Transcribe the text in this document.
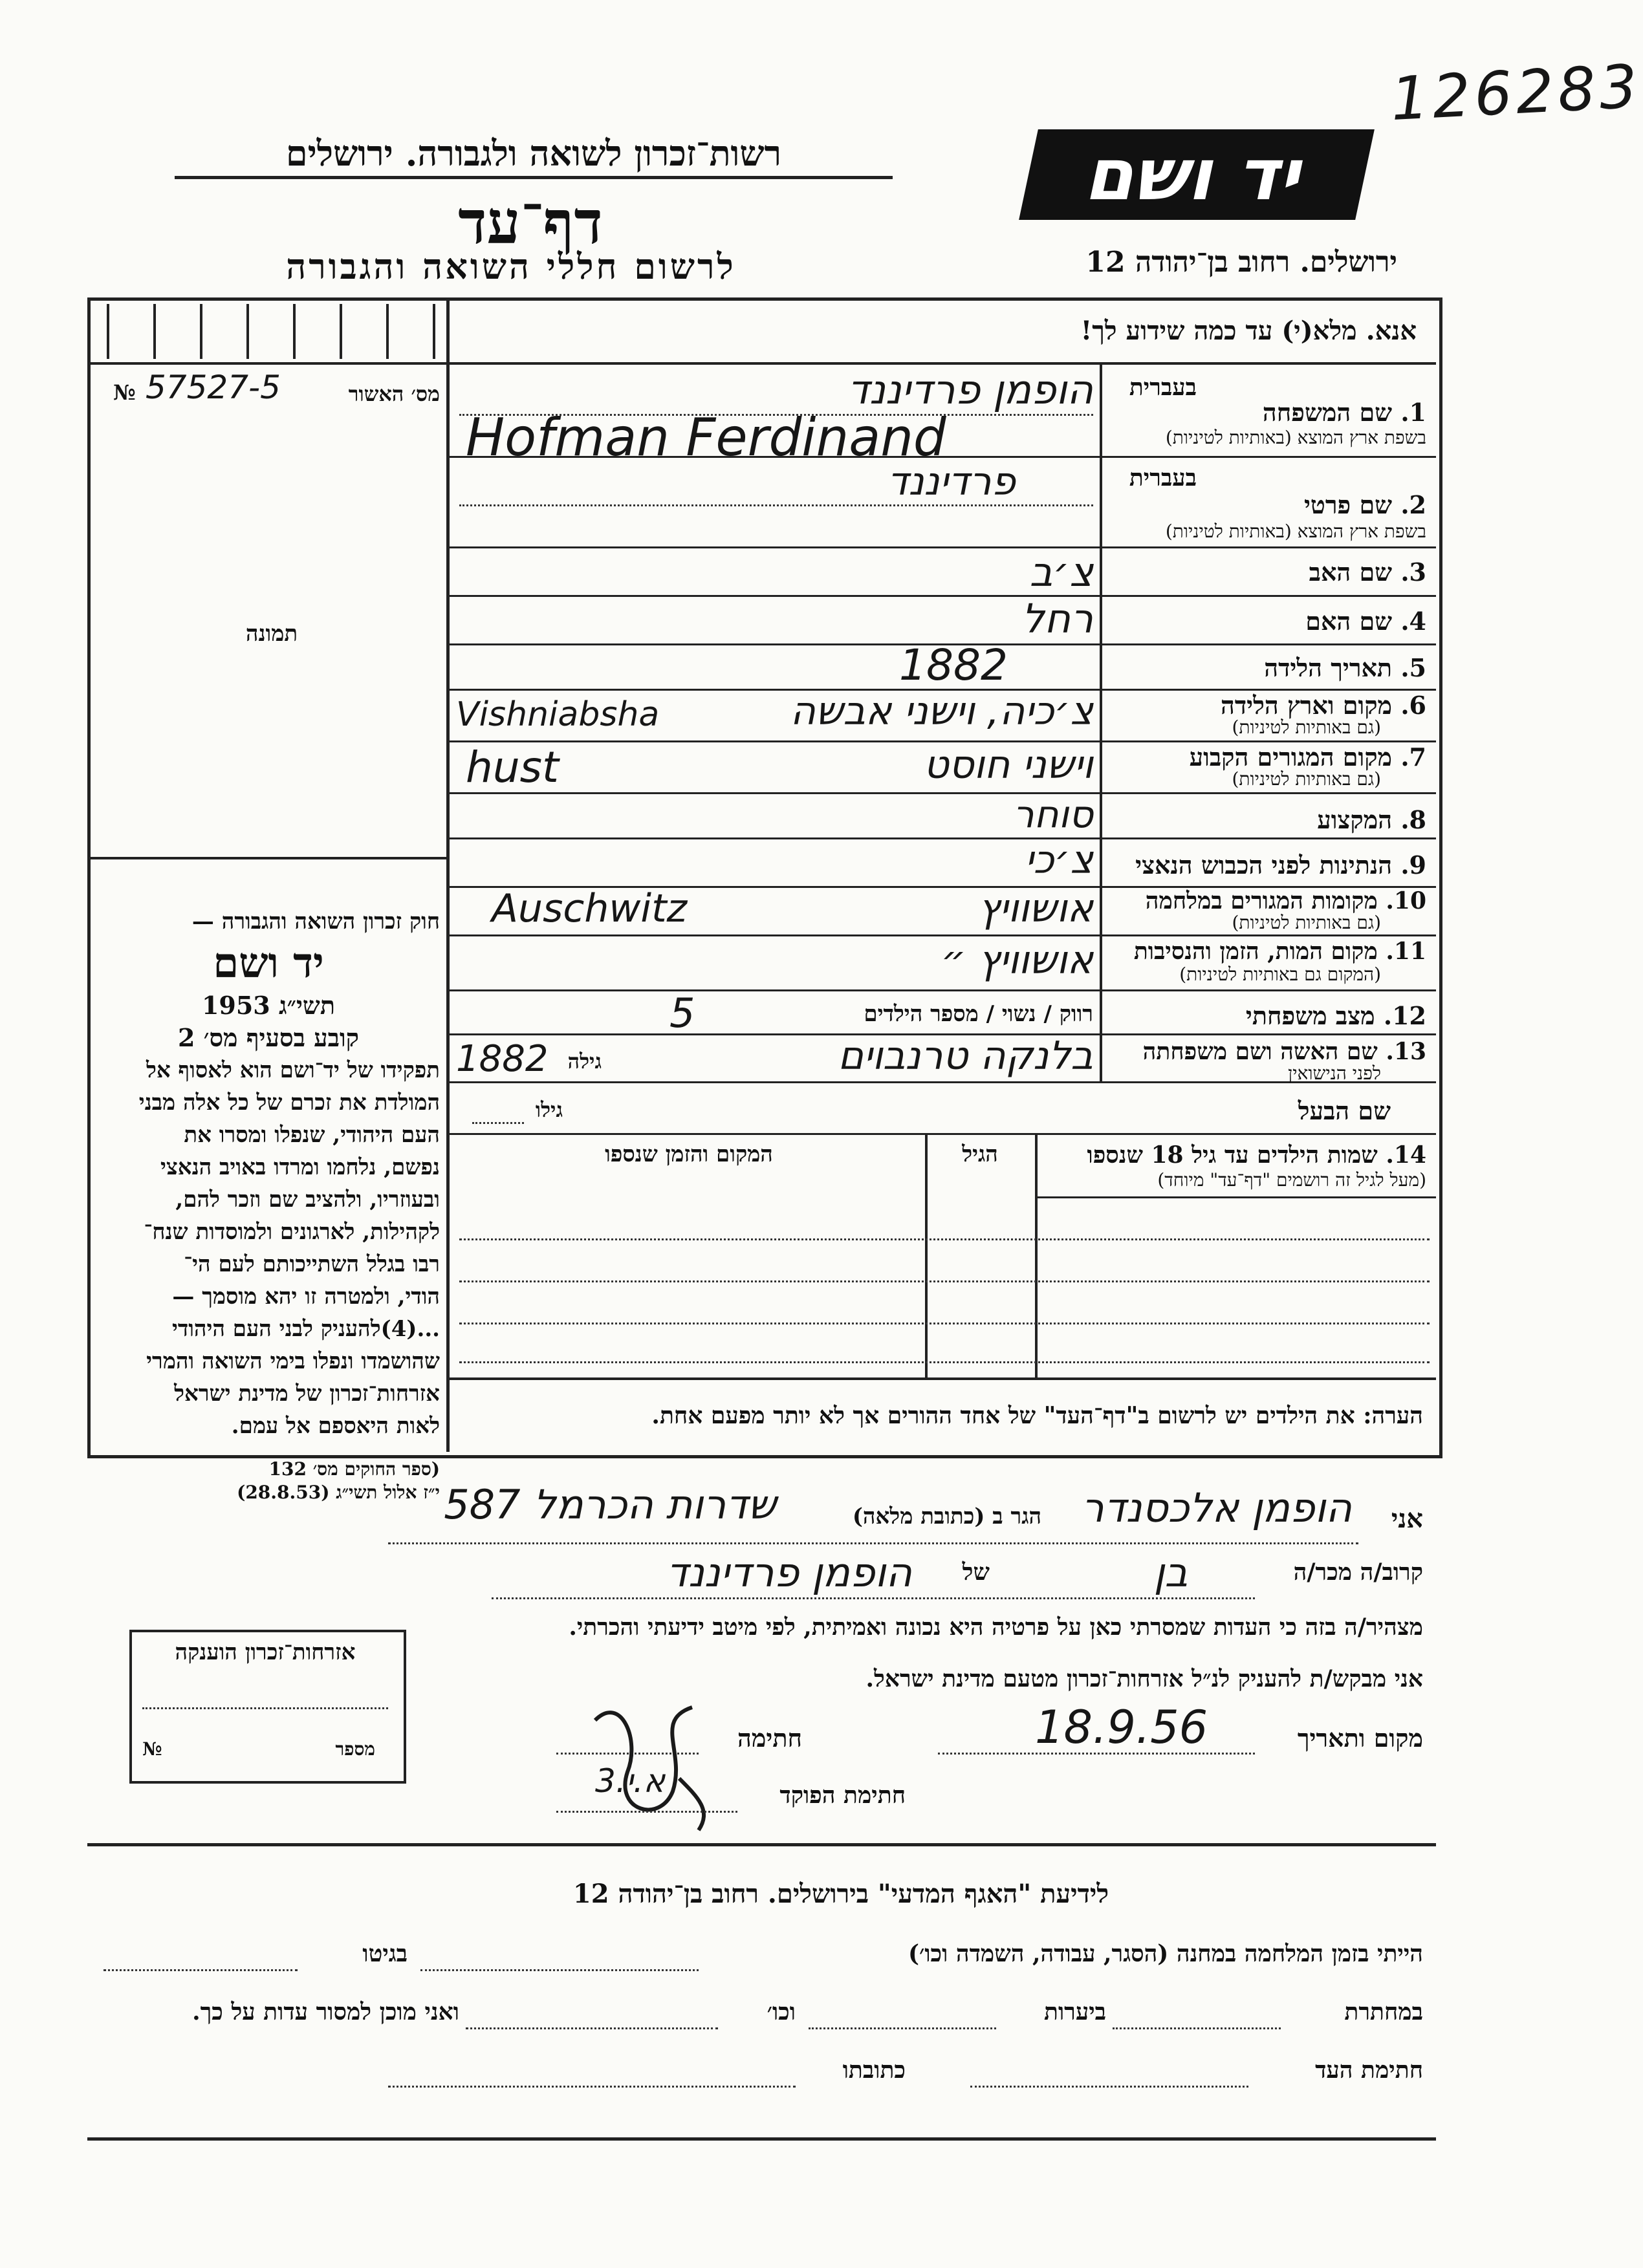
126283
רשות־זכרון לשואה ולגבורה. ירושלים
דף־עד
לרשום חללי השואה והגבורה
יד ושם
ירושלים. רחוב בן־יהודה 12
אנא. מלא(י) עד כמה שידוע לך!
№ 57527-5	מס׳ האשור
תמונה

חוק זכרון השואה והגבורה —

יד ושם

תשי״ג 1953

קובע בסעיף מס׳ 2

תפקידו של יד־ושם הוא לאסוף אל

המולדת את זכרם של כל אלה מבני

העם היהודי, שנפלו ומסרו את

נפשם, נלחמו ומרדו באויב הנאצי

ובעוזריו, ולהציב שם וזכר להם,

לקהילות, לארגונים ולמוסדות שנח־

רבו בגלל השתייכותם לעם הי־

הודי, ולמטרה זו יהא מוסמך —

...(4)להעניק לבני העם היהודי

שהושמדו ונפלו בימי השואה והמרי

אזרחות־זכרון של מדינת ישראל

לאות היאספם אל עמם.

(ספר החוקים מס׳ 132

י״ז אלול תשי״ג (28.8.53)

בעברית
1. שם המשפחה
בשפת ארץ המוצא (באותיות לטיניות)
הופמן פרדיננד
Hofman Ferdinand
בעברית
2. שם פרטי
בשפת ארץ המוצא (באותיות לטיניות)
פרדיננד
3. שם האב
צ׳ב
4. שם האם
רחל
5. תאריך הלידה
1882
6. מקום וארץ הלידה
(גם באותיות לטיניות)
צ׳כיה, וישני אבשה
Vishniabsha
7. מקום המגורים הקבוע
(גם באותיות לטיניות)
וישני חוסט
hust
8. המקצוע
סוחר
9. הנתינות לפני הכבוש הנאצי
צ׳כי
10. מקומות המגורים במלחמה
(גם באותיות לטיניות)
אושוויץ
Auschwitz
11. מקום המות, הזמן והנסיבות
(המקום גם באותיות לטיניות)
אושוויץ ״
12. מצב משפחתי
רווק / נשוי / מספר הילדים
5
13. שם האשה ושם משפחתה
לפני הנישואין
בלנקה טרנבוים
גילה
1882
שם הבעל
גילו
14. שמות הילדים עד גיל 18 שנספו
(מעל לגיל זה רושמים "דף־עד" מיוחד)
הגיל
המקום והזמן שנספו
הערה: את הילדים יש לרשום ב"דף־העד" של אחד ההורים אך לא יותר מפעם אחת.
אזרחות־זכרון הוענקה
№	מספר
אני
הופמן אלכסנדר
הגר ב (כתובת מלאה)
שדרות הכרמל 587
קרוב/ה מכר/ה
בן
של
הופמן פרדיננד
מצהיר/ה בזה כי העדות שמסרתי כאן על פרטיה היא נכונה ואמיתית, לפי מיטב ידיעתי והכרתי.
אני מבקש/ת להעניק לנ״ל אזרחות־זכרון מטעם מדינת ישראל.
מקום ותאריך
18.9.56
חתימה
חתימת הפוקד
א.י.3
לידיעת "האגף המדעי" בירושלים. רחוב בן־יהודה 12
הייתי בזמן המלחמה במחנה (הסגר, עבודה, השמדה וכו׳)
בגיטו
במחתרת
ביערות
וכו׳
ואני מוכן למסור עדות על כך.
חתימת העד
כתובתו
